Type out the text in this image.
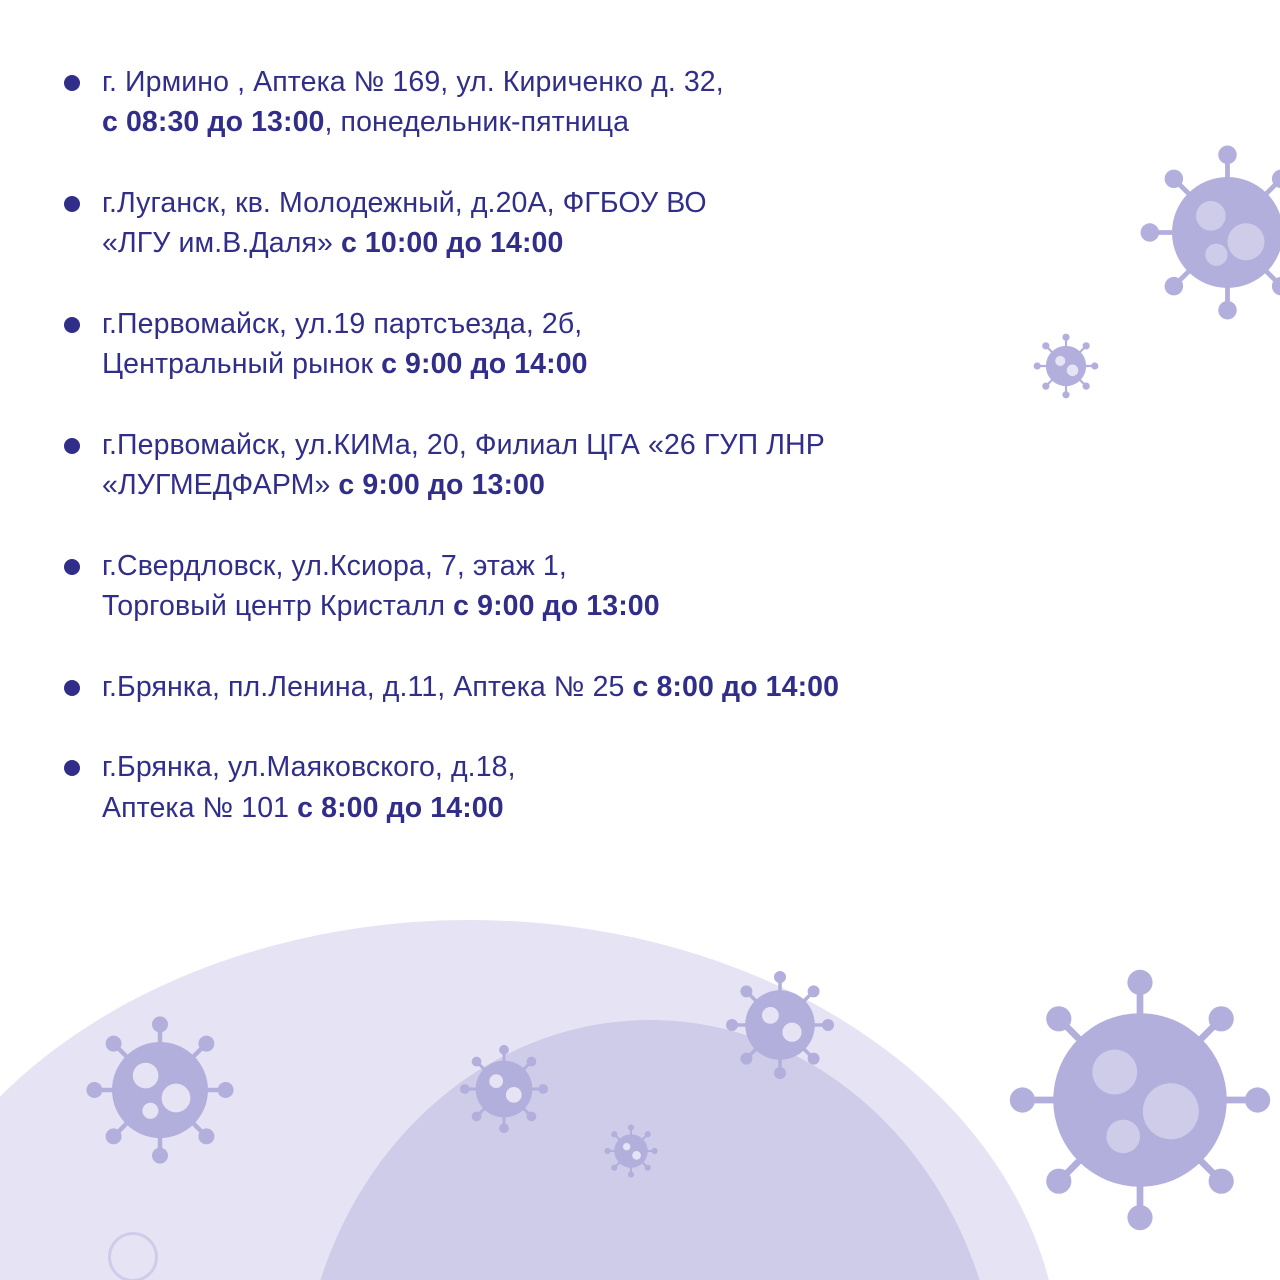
г. Ирмино , Аптека № 169, ул. Кириченко д. 32,
с 08:30 до 13:00, понедельник-пятница
г.Луганск, кв. Молодежный, д.20А, ФГБОУ ВО
«ЛГУ им.В.Даля» с 10:00 до 14:00
г.Первомайск, ул.19 партсъезда, 2б,
Центральный рынок с 9:00 до 14:00
г.Первомайск, ул.КИМа, 20, Филиал ЦГА «26 ГУП ЛНР
«ЛУГМЕДФАРМ» с 9:00 до 13:00
г.Свердловск, ул.Ксиора, 7, этаж 1,
Торговый центр Кристалл с 9:00 до 13:00
г.Брянка, пл.Ленина, д.11, Аптека № 25 с 8:00 до 14:00
г.Брянка, ул.Маяковского, д.18,
Аптека № 101 с 8:00 до 14:00
